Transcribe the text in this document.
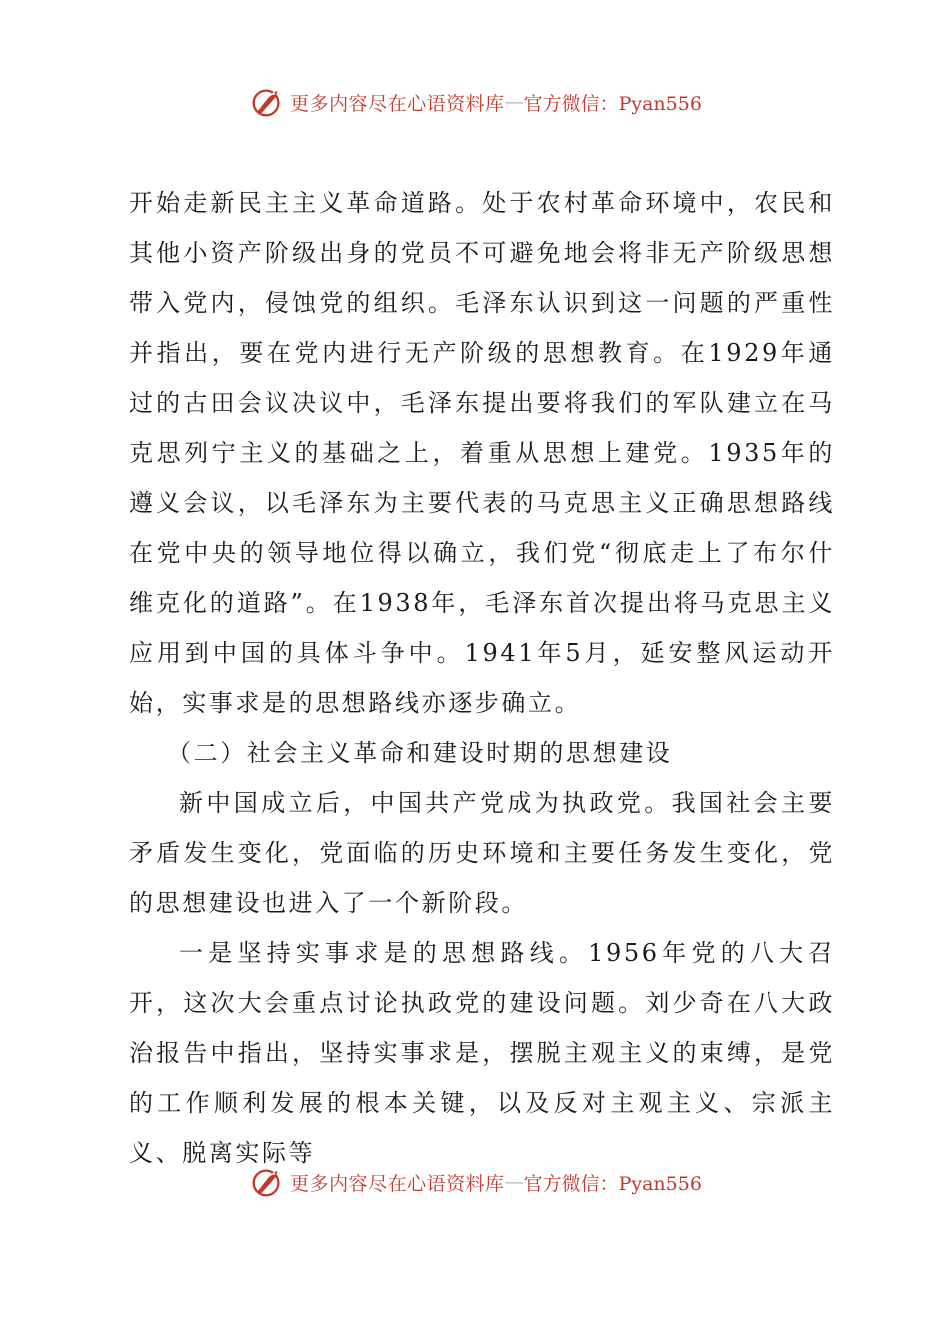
更多内容尽在心语资料库 — 官方微信：Pyan556

开始走新民主主义革命道路。处于农村革命环境中，农民和其他小资产阶级出身的党员不可避免地会将非无产阶级思想带入党内，侵蚀党的组织。毛泽东认识到这一问题的严重性并指出，要在党内进行无产阶级的思想教育。在1929年通过的古田会议决议中，毛泽东提出要将我们的军队建立在马克思列宁主义的基础之上，着重从思想上建党。1935年的遵义会议，以毛泽东为主要代表的马克思主义正确思想路线在党中央的领导地位得以确立，我们党“彻底走上了布尔什维克化的道路”。在1938年，毛泽东首次提出将马克思主义应用到中国的具体斗争中。1941年5月，延安整风运动开始，实事求是的思想路线亦逐步确立。

（二）社会主义革命和建设时期的思想建设

新中国成立后，中国共产党成为执政党。我国社会主要矛盾发生变化，党面临的历史环境和主要任务发生变化，党的思想建设也进入了一个新阶段。

一是坚持实事求是的思想路线。1956年党的八大召开，这次大会重点讨论执政党的建设问题。刘少奇在八大政治报告中指出，坚持实事求是，摆脱主观主义的束缚，是党的工作顺利发展的根本关键，以及反对主观主义、宗派主义、脱离实际等

更多内容尽在心语资料库 — 官方微信：Pyan556
